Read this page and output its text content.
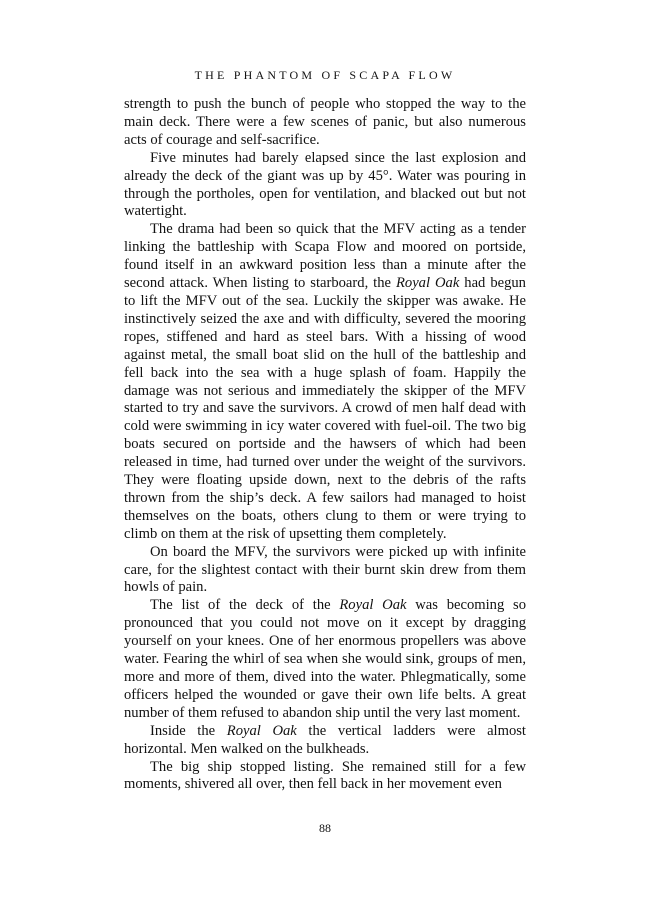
THE PHANTOM OF SCAPA FLOW

strength to push the bunch of people who stopped the way to the main deck. There were a few scenes of panic, but also numerous acts of courage and self-sacrifice.

Five minutes had barely elapsed since the last explosion and already the deck of the giant was up by 45°. Water was pouring in through the portholes, open for ventilation, and blacked out but not watertight.

The drama had been so quick that the MFV acting as a tender linking the battleship with Scapa Flow and moored on portside, found itself in an awkward position less than a minute after the second attack. When listing to starboard, the Royal Oak had begun to lift the MFV out of the sea. Luckily the skipper was awake. He instinctively seized the axe and with difficulty, severed the mooring ropes, stiffened and hard as steel bars. With a hissing of wood against metal, the small boat slid on the hull of the battleship and fell back into the sea with a huge splash of foam. Happily the damage was not serious and immediately the skipper of the MFV started to try and save the survivors. A crowd of men half dead with cold were swimming in icy water covered with fuel-oil. The two big boats secured on portside and the hawsers of which had been released in time, had turned over under the weight of the survivors. They were floating upside down, next to the debris of the rafts thrown from the ship’s deck. A few sailors had managed to hoist themselves on the boats, others clung to them or were trying to climb on them at the risk of upsetting them completely.

On board the MFV, the survivors were picked up with infinite care, for the slightest contact with their burnt skin drew from them howls of pain.

The list of the deck of the Royal Oak was becoming so pronounced that you could not move on it except by dragging yourself on your knees. One of her enormous propellers was above water. Fearing the whirl of sea when she would sink, groups of men, more and more of them, dived into the water. Phlegmatically, some officers helped the wounded or gave their own life belts. A great number of them refused to abandon ship until the very last moment.

Inside the Royal Oak the vertical ladders were almost horizontal. Men walked on the bulkheads.

The big ship stopped listing. She remained still for a few moments, shivered all over, then fell back in her movement even

88
